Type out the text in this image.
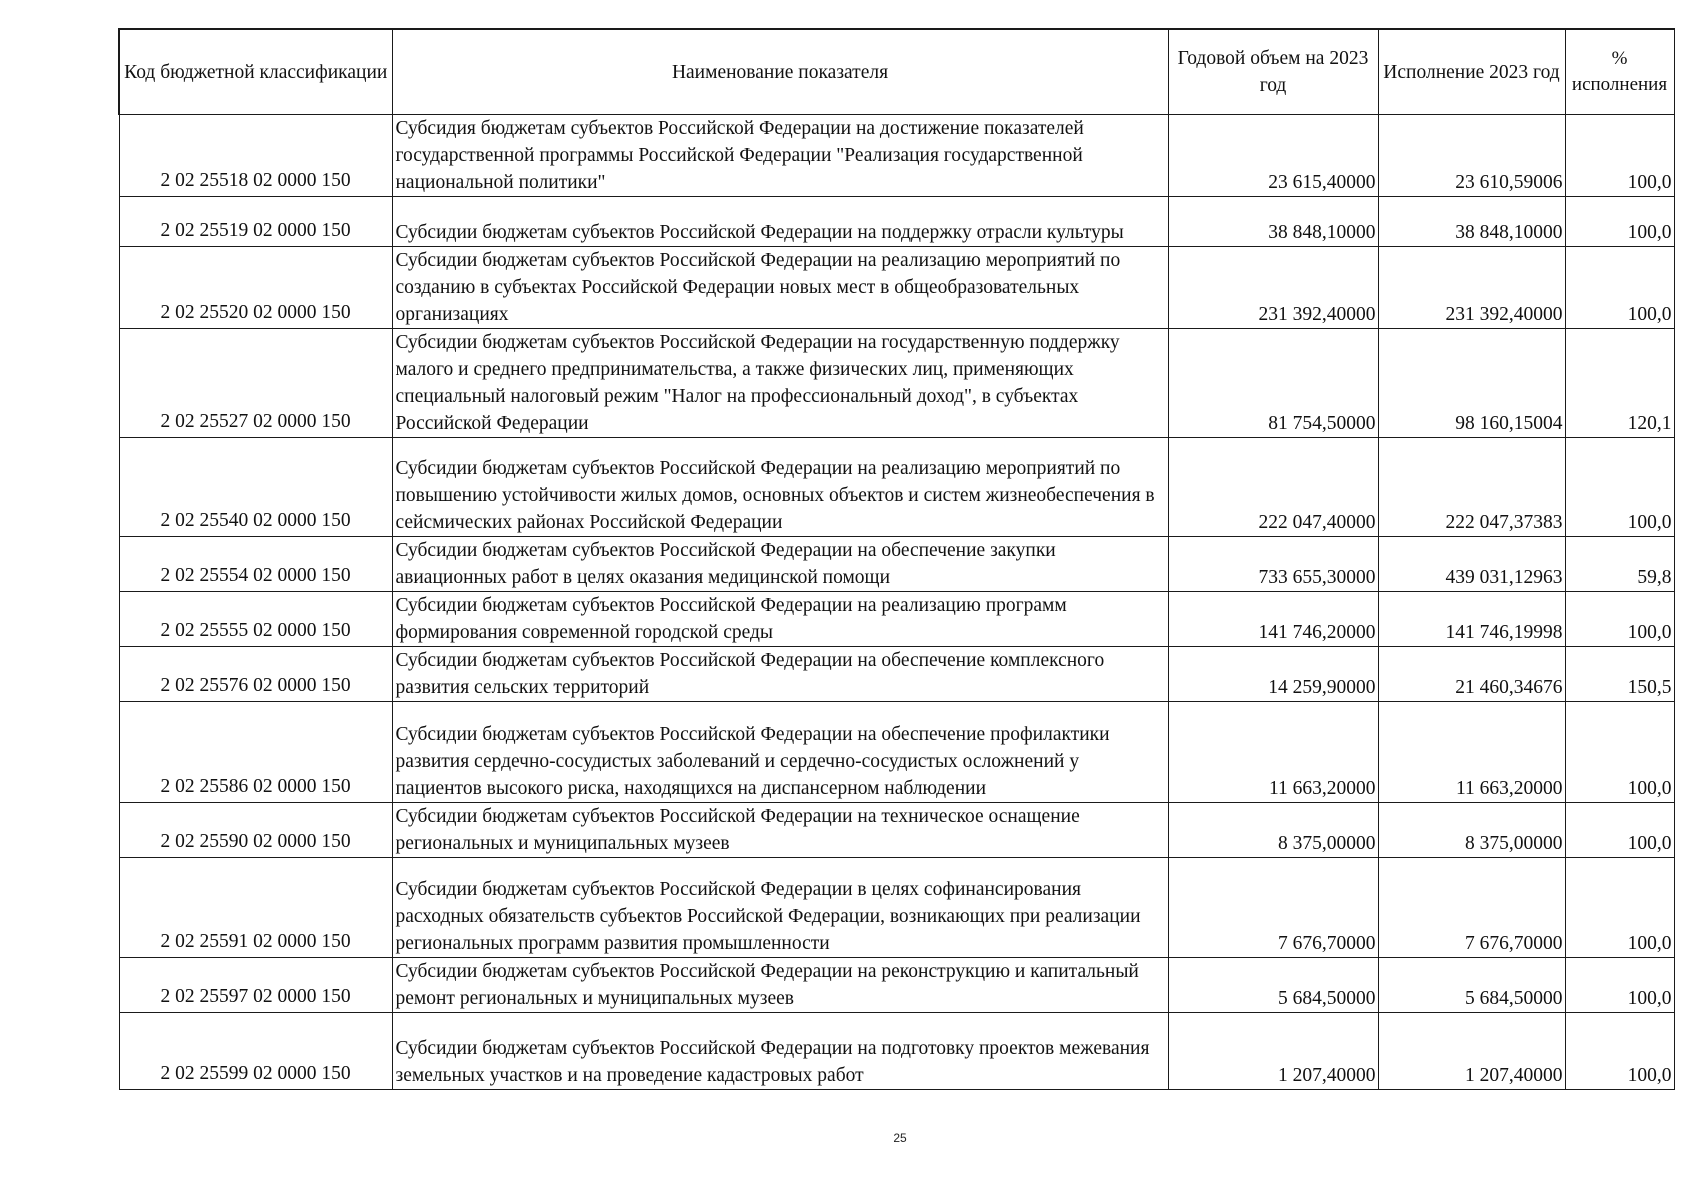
Код бюджетной классификации	Наименование показателя	Годовой объем на 2023 год	Исполнение 2023 год	% исполнения
2 02 25518 02 0000 150	Субсидия бюджетам субъектов Российской Федерации на достижение показателей государственной программы Российской Федерации "Реализация государственной национальной политики"	23 615,40000	23 610,59006	100,0
2 02 25519 02 0000 150	Субсидии бюджетам субъектов Российской Федерации на поддержку отрасли культуры	38 848,10000	38 848,10000	100,0
2 02 25520 02 0000 150	Субсидии бюджетам субъектов Российской Федерации на реализацию мероприятий по созданию в субъектах Российской Федерации новых мест в общеобразовательных организациях	231 392,40000	231 392,40000	100,0
2 02 25527 02 0000 150	Субсидии бюджетам субъектов Российской Федерации на государственную поддержку малого и среднего предпринимательства, а также физических лиц, применяющих специальный налоговый режим "Налог на профессиональный доход", в субъектах Российской Федерации	81 754,50000	98 160,15004	120,1
2 02 25540 02 0000 150	Субсидии бюджетам субъектов Российской Федерации на реализацию мероприятий по повышению устойчивости жилых домов, основных объектов и систем жизнеобеспечения в сейсмических районах Российской Федерации	222 047,40000	222 047,37383	100,0
2 02 25554 02 0000 150	Субсидии бюджетам субъектов Российской Федерации на обеспечение закупки авиационных работ в целях оказания медицинской помощи	733 655,30000	439 031,12963	59,8
2 02 25555 02 0000 150	Субсидии бюджетам субъектов Российской Федерации на реализацию программ формирования современной городской среды	141 746,20000	141 746,19998	100,0
2 02 25576 02 0000 150	Субсидии бюджетам субъектов Российской Федерации на обеспечение комплексного развития сельских территорий	14 259,90000	21 460,34676	150,5
2 02 25586 02 0000 150	Субсидии бюджетам субъектов Российской Федерации на обеспечение профилактики развития сердечно-сосудистых заболеваний и сердечно-сосудистых осложнений у пациентов высокого риска, находящихся на диспансерном наблюдении	11 663,20000	11 663,20000	100,0
2 02 25590 02 0000 150	Субсидии бюджетам субъектов Российской Федерации на техническое оснащение региональных и муниципальных музеев	8 375,00000	8 375,00000	100,0
2 02 25591 02 0000 150	Субсидии бюджетам субъектов Российской Федерации в целях софинансирования расходных обязательств субъектов Российской Федерации, возникающих при реализации региональных программ развития промышленности	7 676,70000	7 676,70000	100,0
2 02 25597 02 0000 150	Субсидии бюджетам субъектов Российской Федерации на реконструкцию и капитальный ремонт региональных и муниципальных музеев	5 684,50000	5 684,50000	100,0
2 02 25599 02 0000 150	Субсидии бюджетам субъектов Российской Федерации на подготовку проектов межевания земельных участков и на проведение кадастровых работ	1 207,40000	1 207,40000	100,0
25
